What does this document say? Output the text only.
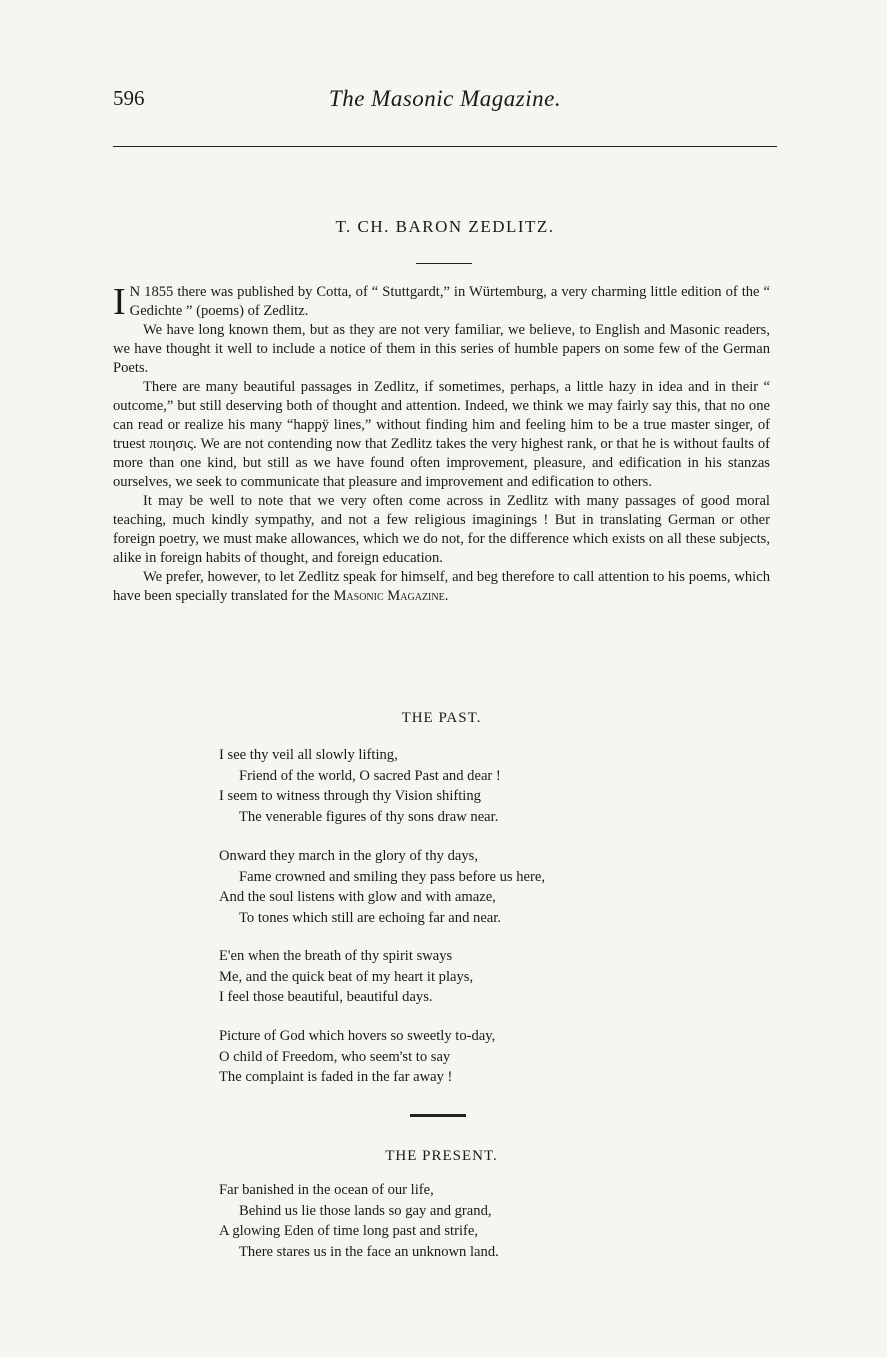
596	The Masonic Magazine.
T. CH. BARON ZEDLITZ.

I N 1855 there was published by Cotta, of “ Stuttgardt,” in Würtemburg, a very charming little edition of the “ Gedichte ” (poems) of Zedlitz.

We have long known them, but as they are not very familiar, we believe, to English and Masonic readers, we have thought it well to include a notice of them in this series of humble papers on some few of the German Poets.

There are many beautiful passages in Zedlitz, if sometimes, perhaps, a little hazy in idea and in their “ outcome,” but still deserving both of thought and attention. Indeed, we think we may fairly say this, that no one can read or realize his many “happÿ lines,” without finding him and feeling him to be a true master singer, of truest ποιησις. We are not contending now that Zedlitz takes the very highest rank, or that he is without faults of more than one kind, but still as we have found often improvement, pleasure, and edification in his stanzas ourselves, we seek to communicate that pleasure and improvement and edification to others.

It may be well to note that we very often come across in Zedlitz with many passages of good moral teaching, much kindly sympathy, and not a few religious imaginings ! But in translating German or other foreign poetry, we must make allowances, which we do not, for the difference which exists on all these subjects, alike in foreign habits of thought, and foreign education.

We prefer, however, to let Zedlitz speak for himself, and beg therefore to call attention to his poems, which have been specially translated for the Masonic Magazine.

THE PAST.
I see thy veil all slowly lifting,
Friend of the world, O sacred Past and dear !
I seem to witness through thy Vision shifting
The venerable figures of thy sons draw near.
Onward they march in the glory of thy days,
Fame crowned and smiling they pass before us here,
And the soul listens with glow and with amaze,
To tones which still are echoing far and near.
E'en when the breath of thy spirit sways
Me, and the quick beat of my heart it plays,
I feel those beautiful, beautiful days.
Picture of God which hovers so sweetly to-day,
O child of Freedom, who seem'st to say
The complaint is faded in the far away !
THE PRESENT.
Far banished in the ocean of our life,
Behind us lie those lands so gay and grand,
A glowing Eden of time long past and strife,
There stares us in the face an unknown land.
